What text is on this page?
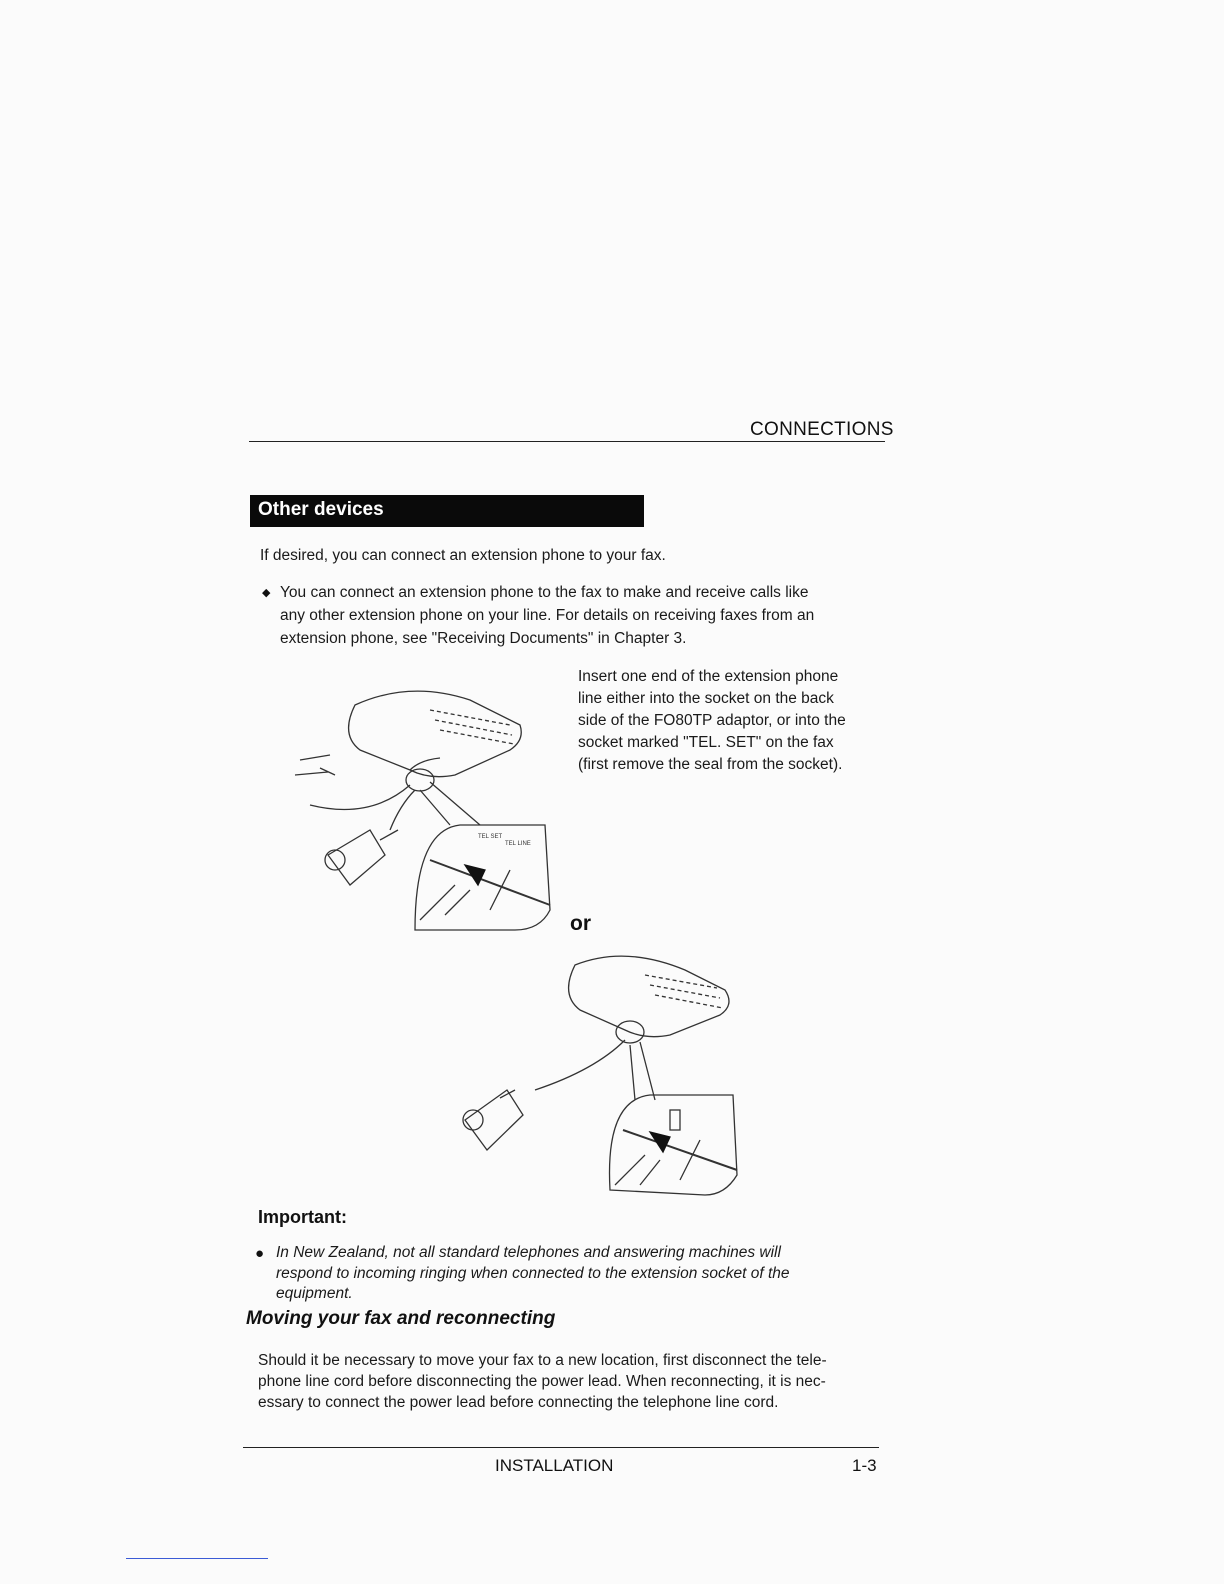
CONNECTIONS
Other devices
If desired, you can connect an extension phone to your fax.
◆ You can connect an extension phone to the fax to make and receive calls like
any other extension phone on your line. For details on receiving faxes from an
extension phone, see "Receiving Documents" in Chapter 3.
Insert one end of the extension phone
line either into the socket on the back
side of the FO80TP adaptor, or into the
socket marked "TEL. SET" on the fax
(first remove the seal from the socket).
TEL SET
TEL LINE
or
Important:
● In New Zealand, not all standard telephones and answering machines will
respond to incoming ringing when connected to the extension socket of the
equipment.
Moving your fax and reconnecting
Should it be necessary to move your fax to a new location, first disconnect the tele-
phone line cord before disconnecting the power lead. When reconnecting, it is nec-
essary to connect the power lead before connecting the telephone line cord.
INSTALLATION	1-3
